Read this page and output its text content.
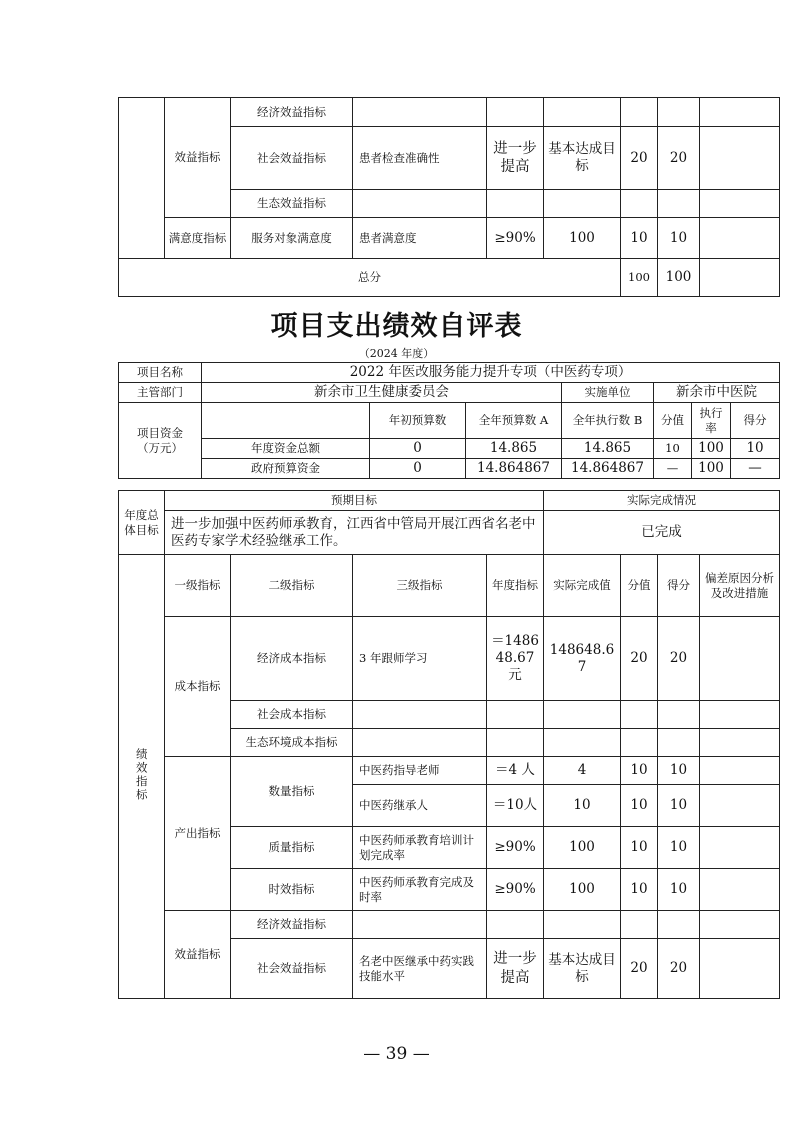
	效益指标	经济效益指标						
		社会效益指标	患者检查准确性	进一步提高	基本达成目标	20	20	
		生态效益指标						
	满意度指标	服务对象满意度	患者满意度	≥90%	100	10	10	
总分						100	100	
项目支出绩效自评表
（2024 年度）
项目名称	2022 年医改服务能力提升专项（中医药专项）						
主管部门	新余市卫生健康委员会			实施单位	新余市中医院		
项目资金（万元）		年初预算数	全年预算数 A	全年执行数 B	分值	执行率	得分
	年度资金总额	0	14.865	14.865	10	100	10
	政府预算资金	0	14.864867	14.864867	—	100	—
年度总体目标	预期目标				实际完成情况			
	进一步加强中医药师承教育，江西省中管局开展江西省名老中医药专家学术经验继承工作。				已完成			
绩效指标	一级指标	二级指标	三级指标	年度指标	实际完成值	分值	得分	偏差原因分析及改进措施
	成本指标	经济成本指标	3 年跟师学习	＝148648.67元	148648.67	20	20	
		社会成本指标						
		生态环境成本指标						
	产出指标	数量指标	中医药指导老师	＝4 人	4	10	10	
			中医药继承人	＝10人	10	10	10	
		质量指标	中医药师承教育培训计划完成率	≥90%	100	10	10	
		时效指标	中医药师承教育完成及时率	≥90%	100	10	10	
	效益指标	经济效益指标						
		社会效益指标	名老中医继承中药实践技能水平	进一步提高	基本达成目标	20	20	
— 39 —
